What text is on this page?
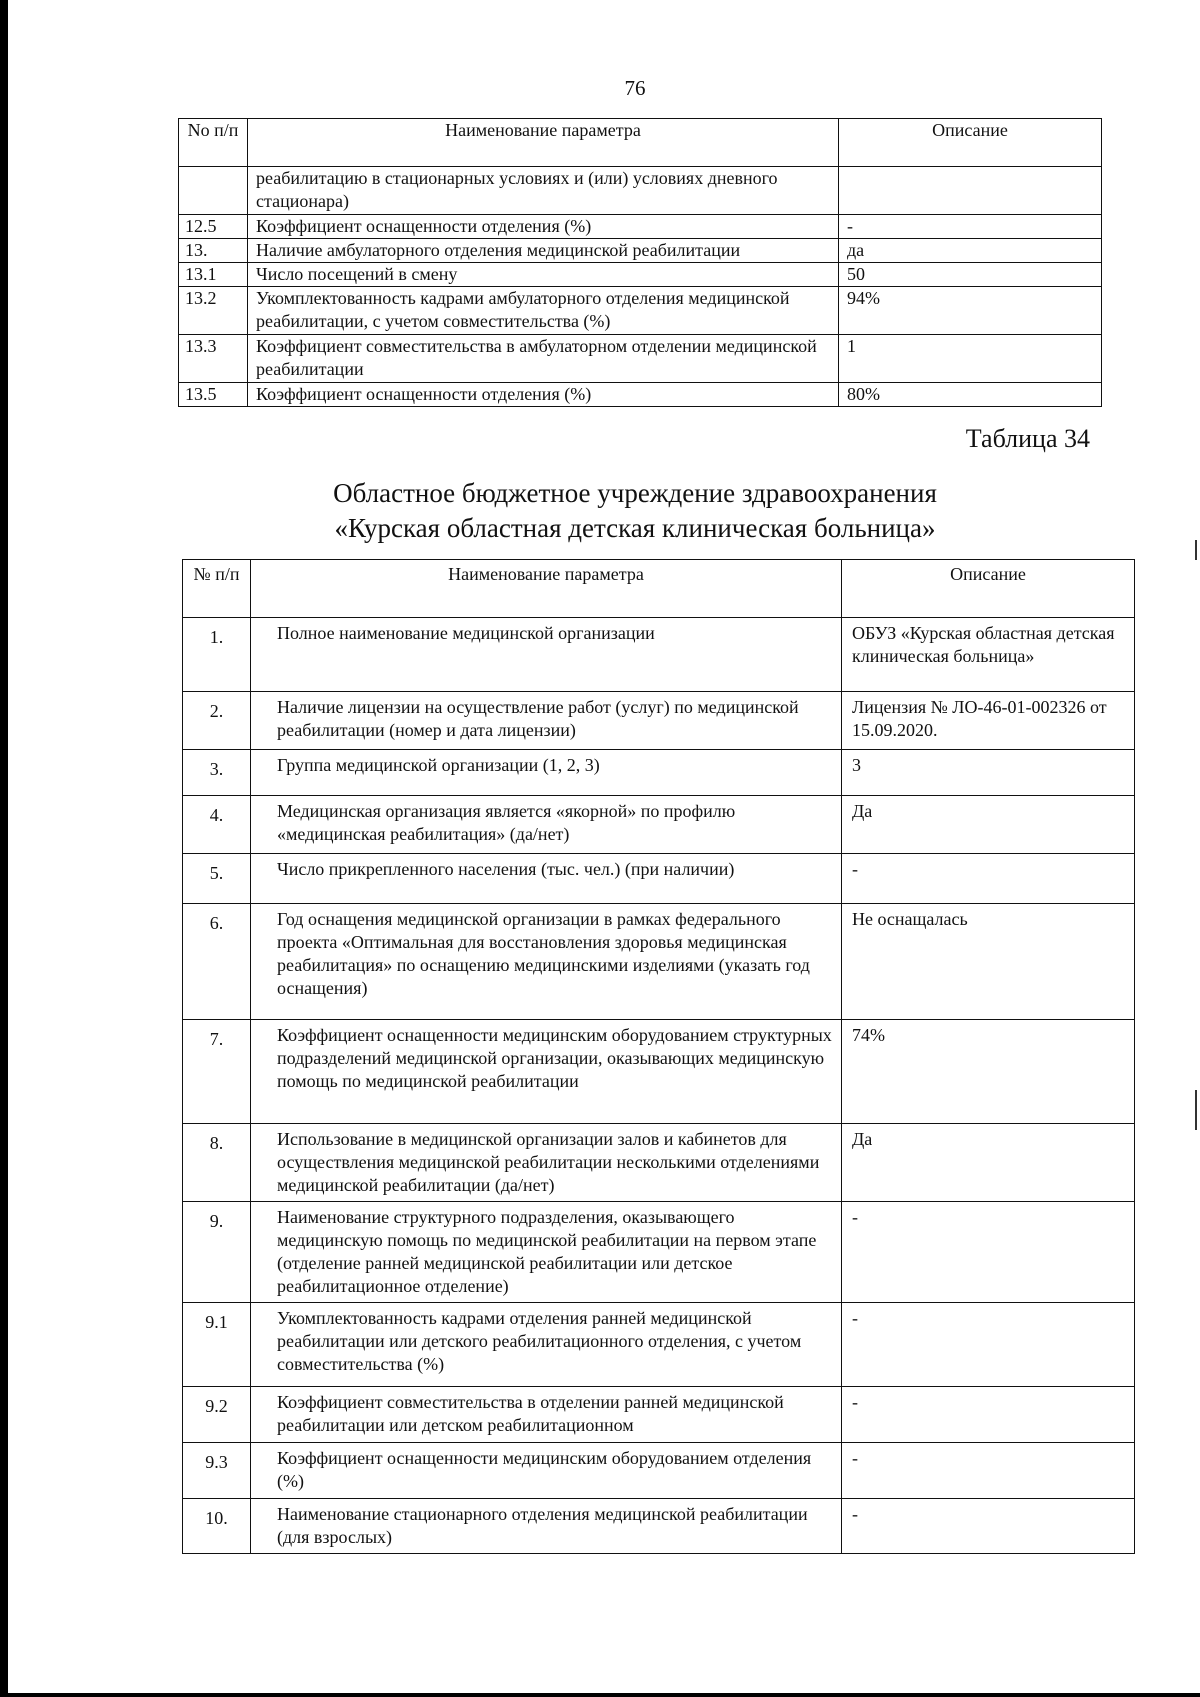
76
No п/п	Наименование параметра	Описание
	реабилитацию в стационарных условиях и (или) условиях дневного стационара)	
12.5	Коэффициент оснащенности отделения (%)	-
13.	Наличие амбулаторного отделения медицинской реабилитации	да
13.1	Число посещений в смену	50
13.2	Укомплектованность кадрами амбулаторного отделения медицинской реабилитации, с учетом совместительства (%)	94%
13.3	Коэффициент совместительства в амбулаторном отделении медицинской реабилитации	1
13.5	Коэффициент оснащенности отделения (%)	80%
Таблица 34
Областное бюджетное учреждение здравоохранения
«Курская областная детская клиническая больница»
№ п/п	Наименование параметра	Описание
1.	Полное наименование медицинской организации	ОБУЗ «Курская областная детская клиническая больница»
2.	Наличие лицензии на осуществление работ (услуг) по медицинской реабилитации (номер и дата лицензии)	Лицензия № ЛО-46-01-002326 от 15.09.2020.
3.	Группа медицинской организации (1, 2, 3)	3
4.	Медицинская организация является «якорной» по профилю «медицинская реабилитация» (да/нет)	Да
5.	Число прикрепленного населения (тыс. чел.) (при наличии)	-
6.	Год оснащения медицинской организации в рамках федерального проекта «Оптимальная для восстановления здоровья медицинская реабилитация» по оснащению медицинскими изделиями (указать год оснащения)	Не оснащалась
7.	Коэффициент оснащенности медицинским оборудованием структурных подразделений медицинской организации, оказывающих медицинскую помощь по медицинской реабилитации	74%
8.	Использование в медицинской организации залов и кабинетов для осуществления медицинской реабилитации несколькими отделениями медицинской реабилитации (да/нет)	Да
9.	Наименование структурного подразделения, оказывающего медицинскую помощь по медицинской реабилитации на первом этапе (отделение ранней медицинской реабилитации или детское реабилитационное отделение)	-
9.1	Укомплектованность кадрами отделения ранней медицинской реабилитации или детского реабилитационного отделения, с учетом совместительства (%)	-
9.2	Коэффициент совместительства в отделении ранней медицинской реабилитации или детском реабилитационном	-
9.3	Коэффициент оснащенности медицинским оборудованием отделения (%)	-
10.	Наименование стационарного отделения медицинской реабилитации (для взрослых)	-
